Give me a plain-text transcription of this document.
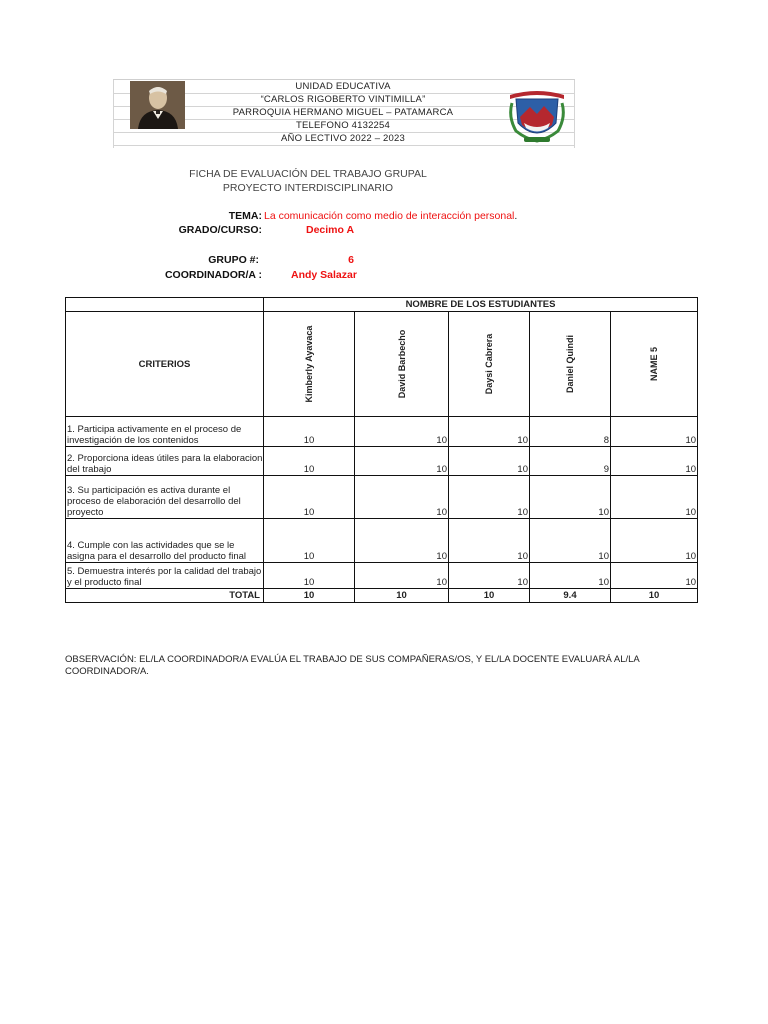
UNIDAD EDUCATIVA
“CARLOS RIGOBERTO VINTIMILLA”
PARROQUIA HERMANO MIGUEL – PATAMARCA
TELEFONO 4132254
AÑO LECTIVO 2022 – 2023
FICHA DE EVALUACIÓN DEL TRABAJO GRUPAL
PROYECTO INTERDISCIPLINARIO
TEMA: La comunicación como medio de interacción personal.
GRADO/CURSO:	Decimo A
GRUPO #:	6
COORDINADOR/A :	Andy Salazar
	NOMBRE DE LOS ESTUDIANTES				
CRITERIOS	Kimberly Ayavaca	David Barbecho	Daysi Cabrera	Daniel Quindi	NAME 5

1. Participa activamente en el proceso de investigación de los contenidos	10	10	10	8	10
2. Proporciona ideas útiles para la elaboracion del trabajo	10	10	10	9	10
3. Su participación es activa durante el proceso de elaboración del desarrollo del proyecto	10	10	10	10	10
4. Cumple con las actividades que se le asigna para el desarrollo del producto final	10	10	10	10	10
5. Demuestra interés por la calidad del trabajo y el producto final	10	10	10	10	10
TOTAL	10	10	10	9.4	10
OBSERVACIÓN: EL/LA COORDINADOR/A EVALÚA EL TRABAJO DE SUS COMPAÑERAS/OS, Y EL/LA DOCENTE EVALUARÁ AL/LA COORDINADOR/A.
